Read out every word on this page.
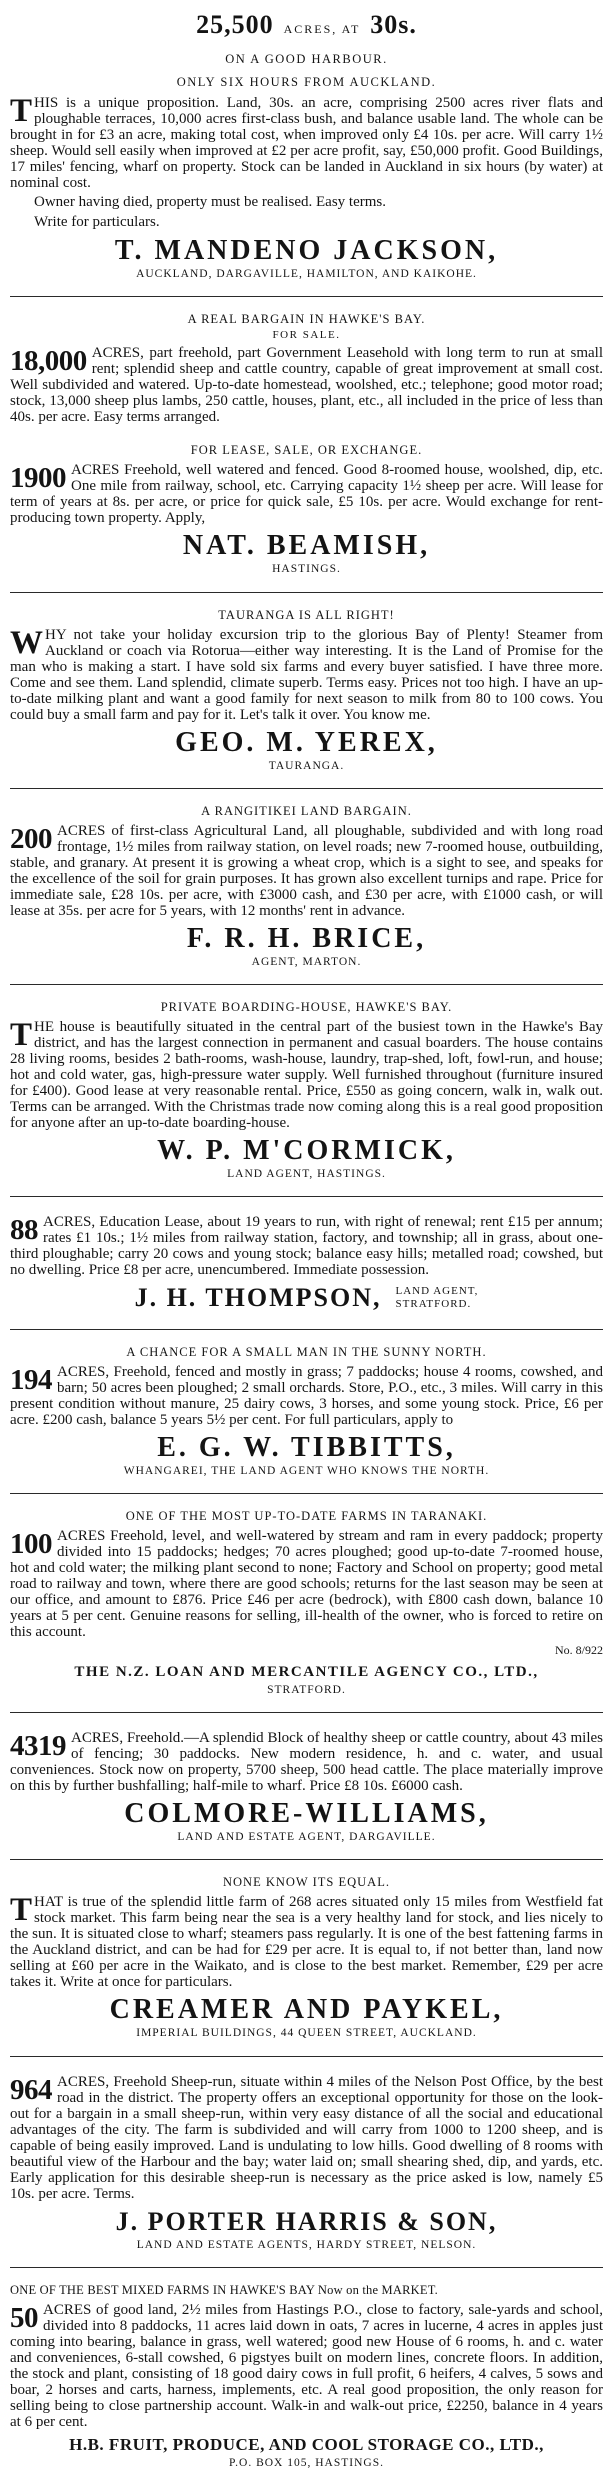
25,500 ACRES, AT 30s.
ON A GOOD HARBOUR.
ONLY SIX HOURS FROM AUCKLAND.

THIS is a unique proposition. Land, 30s. an acre, comprising 2500 acres river flats and ploughable terraces, 10,000 acres first-class bush, and balance usable land. The whole can be brought in for £3 an acre, making total cost, when improved only £4 10s. per acre. Will carry 1½ sheep. Would sell easily when improved at £2 per acre profit, say, £50,000 profit. Good Buildings, 17 miles' fencing, wharf on property. Stock can be landed in Auckland in six hours (by water) at nominal cost.

Owner having died, property must be realised. Easy terms.

Write for particulars.

T. MANDENO JACKSON,
AUCKLAND, DARGAVILLE, HAMILTON, AND KAIKOHE.
A REAL BARGAIN IN HAWKE'S BAY.
FOR SALE.
18,000 ACRES, part freehold, part Government Leasehold with long term to run at small rent; splendid sheep and cattle country, capable of great improvement at small cost. Well subdivided and watered. Up-to-date homestead, woolshed, etc.; telephone; good motor road; stock, 13,000 sheep plus lambs, 250 cattle, houses, plant, etc., all included in the price of less than 40s. per acre. Easy terms arranged.
FOR LEASE, SALE, OR EXCHANGE.
1900 ACRES Freehold, well watered and fenced. Good 8-roomed house, woolshed, dip, etc. One mile from railway, school, etc. Carrying capacity 1½ sheep per acre. Will lease for term of years at 8s. per acre, or price for quick sale, £5 10s. per acre. Would exchange for rent-producing town property. Apply,
NAT. BEAMISH,
HASTINGS.
TAURANGA IS ALL RIGHT!

WHY not take your holiday excursion trip to the glorious Bay of Plenty! Steamer from Auckland or coach via Rotorua—either way interesting. It is the Land of Promise for the man who is making a start. I have sold six farms and every buyer satisfied. I have three more. Come and see them. Land splendid, climate superb. Terms easy. Prices not too high. I have an up-to-date milking plant and want a good family for next season to milk from 80 to 100 cows. You could buy a small farm and pay for it. Let's talk it over. You know me.

GEO. M. YEREX,
TAURANGA.
A RANGITIKEI LAND BARGAIN.
200 ACRES of first-class Agricultural Land, all ploughable, subdivided and with long road frontage, 1½ miles from railway station, on level roads; new 7-roomed house, outbuilding, stable, and granary. At present it is growing a wheat crop, which is a sight to see, and speaks for the excellence of the soil for grain purposes. It has grown also excellent turnips and rape. Price for immediate sale, £28 10s. per acre, with £3000 cash, and £30 per acre, with £1000 cash, or will lease at 35s. per acre for 5 years, with 12 months' rent in advance.
F. R. H. BRICE,
AGENT, MARTON.
PRIVATE BOARDING-HOUSE, HAWKE'S BAY.

THE house is beautifully situated in the central part of the busiest town in the Hawke's Bay district, and has the largest connection in permanent and casual boarders. The house contains 28 living rooms, besides 2 bath-rooms, wash-house, laundry, trap-shed, loft, fowl-run, and house; hot and cold water, gas, high-pressure water supply. Well furnished throughout (furniture insured for £400). Good lease at very reasonable rental. Price, £550 as going concern, walk in, walk out. Terms can be arranged. With the Christmas trade now coming along this is a real good proposition for anyone after an up-to-date boarding-house.

W. P. M'CORMICK,
LAND AGENT, HASTINGS.
88 ACRES, Education Lease, about 19 years to run, with right of renewal; rent £15 per annum; rates £1 10s.; 1½ miles from railway station, factory, and township; all in grass, about one-third ploughable; carry 20 cows and young stock; balance easy hills; metalled road; cowshed, but no dwelling. Price £8 per acre, unencumbered. Immediate possession.
J. H. THOMPSON, LAND AGENT,
STRATFORD.
A CHANCE FOR A SMALL MAN IN THE SUNNY NORTH.
194 ACRES, Freehold, fenced and mostly in grass; 7 paddocks; house 4 rooms, cowshed, and barn; 50 acres been ploughed; 2 small orchards. Store, P.O., etc., 3 miles. Will carry in this present condition without manure, 25 dairy cows, 3 horses, and some young stock. Price, £6 per acre. £200 cash, balance 5 years 5½ per cent. For full particulars, apply to
E. G. W. TIBBITTS,
WHANGAREI, THE LAND AGENT WHO KNOWS THE NORTH.
ONE OF THE MOST UP-TO-DATE FARMS IN TARANAKI.
100 ACRES Freehold, level, and well-watered by stream and ram in every paddock; property divided into 15 paddocks; hedges; 70 acres ploughed; good up-to-date 7-roomed house, hot and cold water; the milking plant second to none; Factory and School on property; good metal road to railway and town, where there are good schools; returns for the last season may be seen at our office, and amount to £876. Price £46 per acre (bedrock), with £800 cash down, balance 10 years at 5 per cent. Genuine reasons for selling, ill-health of the owner, who is forced to retire on this account.
No. 8/922
THE N.Z. LOAN AND MERCANTILE AGENCY CO., LTD.,
STRATFORD.
4319 ACRES, Freehold.—A splendid Block of healthy sheep or cattle country, about 43 miles of fencing; 30 paddocks. New modern residence, h. and c. water, and usual conveniences. Stock now on property, 5700 sheep, 500 head cattle. The place materially improve on this by further bushfalling; half-mile to wharf. Price £8 10s. £6000 cash.
COLMORE-WILLIAMS,
LAND AND ESTATE AGENT, DARGAVILLE.
NONE KNOW ITS EQUAL.

THAT is true of the splendid little farm of 268 acres situated only 15 miles from Westfield fat stock market. This farm being near the sea is a very healthy land for stock, and lies nicely to the sun. It is situated close to wharf; steamers pass regularly. It is one of the best fattening farms in the Auckland district, and can be had for £29 per acre. It is equal to, if not better than, land now selling at £60 per acre in the Waikato, and is close to the best market. Remember, £29 per acre takes it. Write at once for particulars.

CREAMER AND PAYKEL,
IMPERIAL BUILDINGS, 44 QUEEN STREET, AUCKLAND.
964 ACRES, Freehold Sheep-run, situate within 4 miles of the Nelson Post Office, by the best road in the district. The property offers an exceptional opportunity for those on the look-out for a bargain in a small sheep-run, within very easy distance of all the social and educational advantages of the city. The farm is subdivided and will carry from 1000 to 1200 sheep, and is capable of being easily improved. Land is undulating to low hills. Good dwelling of 8 rooms with beautiful view of the Harbour and the bay; water laid on; small shearing shed, dip, and yards, etc. Early application for this desirable sheep-run is necessary as the price asked is low, namely £5 10s. per acre. Terms.
J. PORTER HARRIS & SON,
LAND AND ESTATE AGENTS, HARDY STREET, NELSON.
ONE OF THE BEST MIXED FARMS IN HAWKE'S BAY Now on the MARKET.
50 ACRES of good land, 2½ miles from Hastings P.O., close to factory, sale-yards and school, divided into 8 paddocks, 11 acres laid down in oats, 7 acres in lucerne, 4 acres in apples just coming into bearing, balance in grass, well watered; good new House of 6 rooms, h. and c. water and conveniences, 6-stall cowshed, 6 pigstyes built on modern lines, concrete floors. In addition, the stock and plant, consisting of 18 good dairy cows in full profit, 6 heifers, 4 calves, 5 sows and boar, 2 horses and carts, harness, implements, etc. A real good proposition, the only reason for selling being to close partnership account. Walk-in and walk-out price, £2250, balance in 4 years at 6 per cent.
H.B. FRUIT, PRODUCE, AND COOL STORAGE CO., LTD.,
P.O. BOX 105, HASTINGS.
